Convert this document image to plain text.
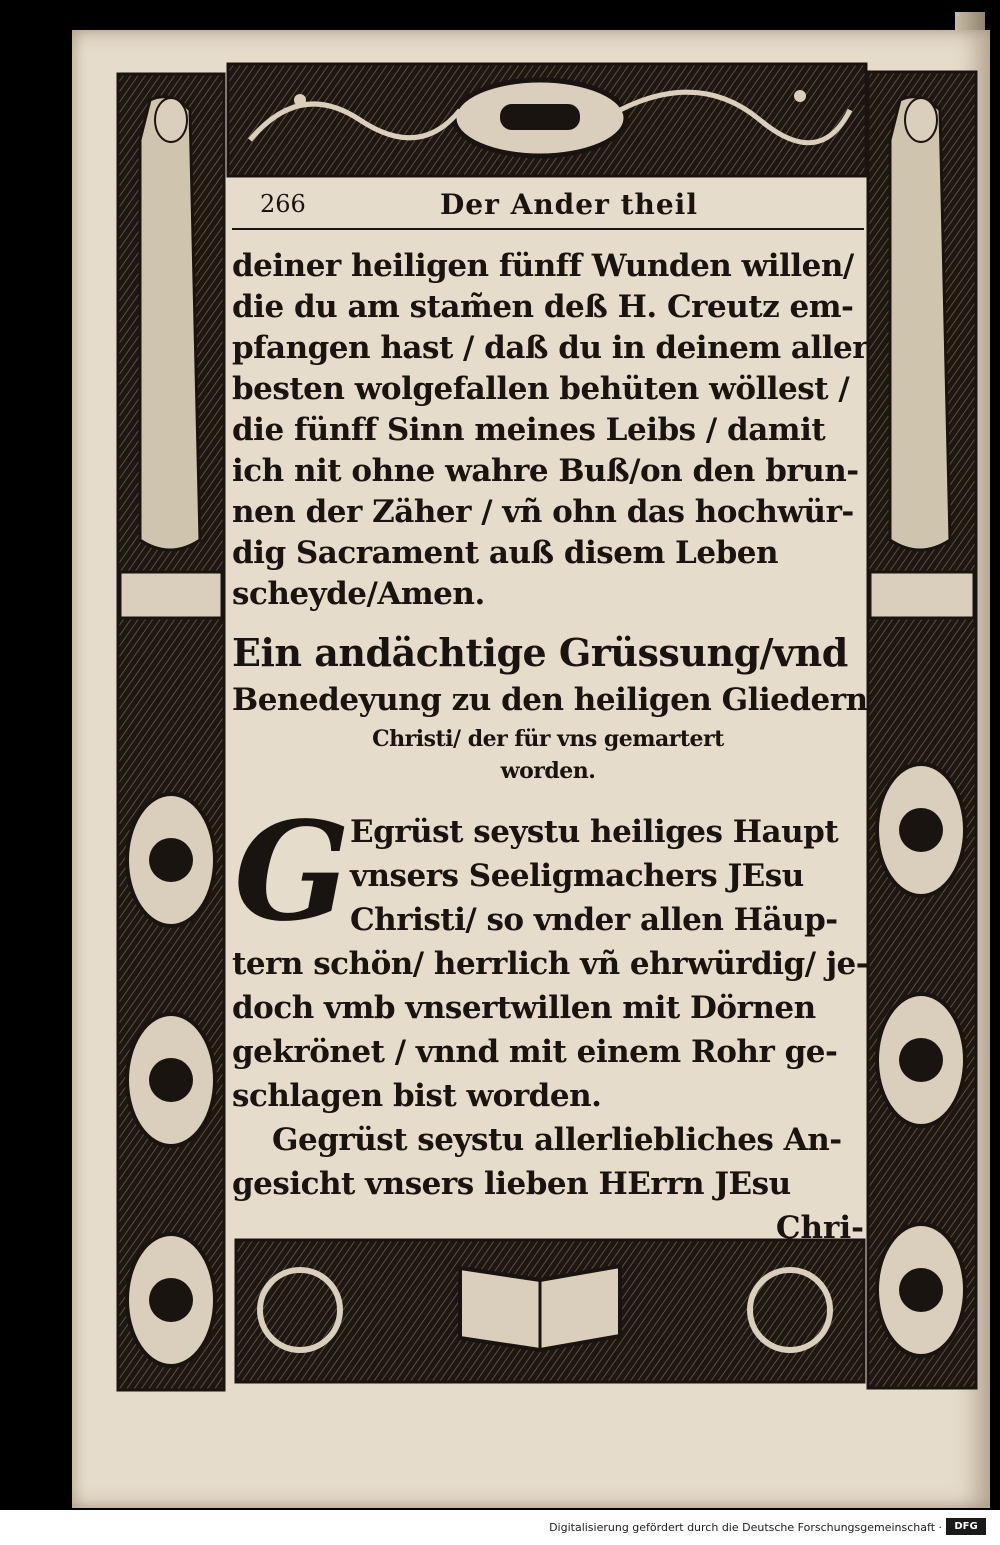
266	Der Ander theil
deiner heiligen fünff Wunden willen/
die du am stam̃en deß H. Creutz em-
pfangen hast / daß du in deinem aller
besten wolgefallen behüten wöllest /
die fünff Sinn meines Leibs / damit
ich nit ohne wahre Buß/on den brun-
nen der Zäher / vñ ohn das hochwür-
dig Sacrament auß disem Leben
scheyde/Amen.
Ein andächtige Grüssung/vnd
Benedeyung zu den heiligen Gliedern
Christi/ der für vns gemartert
worden.
G Egrüst seystu heiliges Haupt
vnsers Seeligmachers JEsu
Christi/ so vnder allen Häup-
tern schön/ herrlich vñ ehrwürdig/ je-
doch vmb vnsertwillen mit Dörnen
gekrönet / vnnd mit einem Rohr ge-
schlagen bist worden.
Gegrüst seystu allerliebliches An-
gesicht vnsers lieben HErrn JEsu
Chri-
Digitalisierung gefördert durch die Deutsche Forschungsgemeinschaft ·	DFG
